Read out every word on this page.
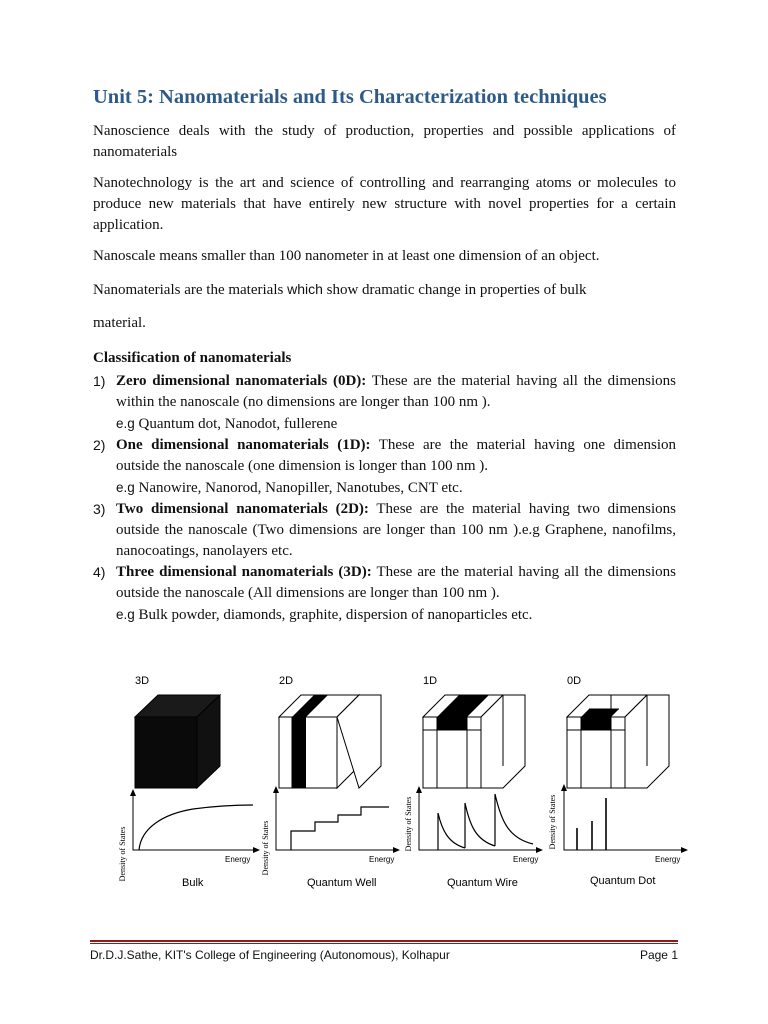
Unit 5: Nanomaterials and Its Characterization techniques

Nanoscience deals with the study of production, properties and possible applications of nanomaterials

Nanotechnology is the art and science of controlling and rearranging atoms or molecules to produce new materials that have entirely new structure with novel properties for a certain application.

Nanoscale means smaller than 100 nanometer in at least one dimension of an object.

Nanomaterials are the materials which show dramatic change in properties of bulk

material.

Classification of nanomaterials
1) Zero dimensional nanomaterials (0D): These are the material having all the dimensions within the nanoscale (no dimensions are longer than 100 nm ).
e.g Quantum dot, Nanodot, fullerene
2) One dimensional nanomaterials (1D): These are the material having one dimension outside the nanoscale (one dimension is longer than 100 nm ).
e.g Nanowire, Nanorod, Nanopiller, Nanotubes, CNT etc.
3) Two dimensional nanomaterials (2D): These are the material having two dimensions outside the nanoscale (Two dimensions are longer than 100 nm ).e.g Graphene, nanofilms, nanocoatings, nanolayers etc.
4) Three dimensional nanomaterials (3D): These are the material having all the dimensions outside the nanoscale (All dimensions are longer than 100 nm ).
e.g Bulk powder, diamonds, graphite, dispersion of nanoparticles etc.
3D	2D	1D	0D
Density of States	Energy
Bulk
Density of States	Energy
Quantum Well
Density of States
Energy
Quantum Wire
Density of States
Energy
Quantum Dot
Dr.D.J.Sathe, KIT's College of Engineering (Autonomous), Kolhapur	Page 1
